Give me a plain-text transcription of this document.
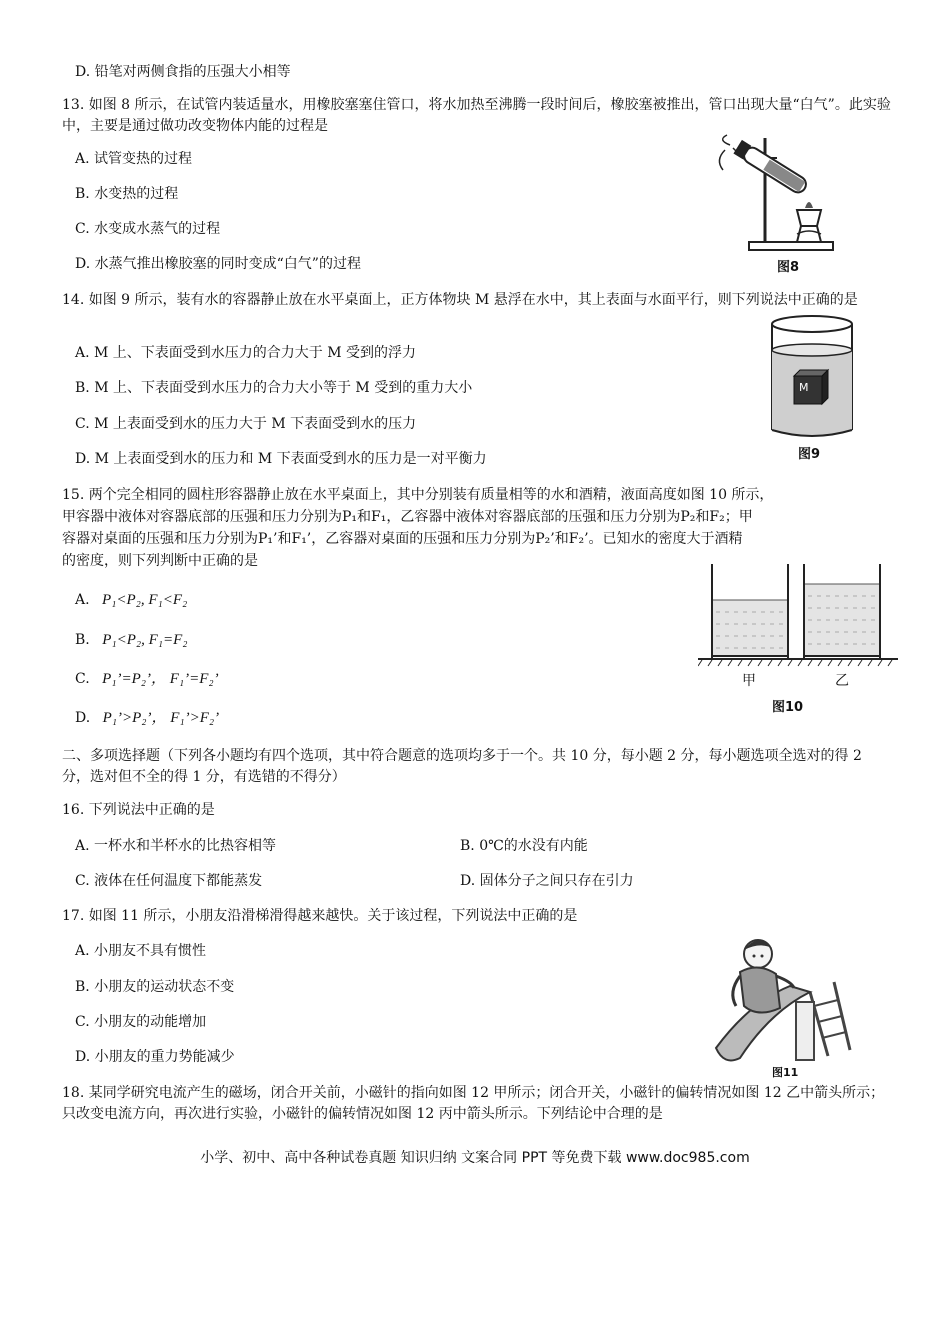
D. 铅笔对两侧食指的压强大小相等
13. 如图 8 所示，在试管内装适量水，用橡胶塞塞住管口，将水加热至沸腾一段时间后，橡胶塞被推出，管口出现大量“白气”。此实验中，主要是通过做功改变物体内能的过程是
A. 试管变热的过程
B. 水变热的过程
C. 水变成水蒸气的过程
D. 水蒸气推出橡胶塞的同时变成“白气”的过程	图8
14. 如图 9 所示，装有水的容器静止放在水平桌面上，正方体物块 M 悬浮在水中，其上表面与水面平行，则下列说法中正确的是
A. M 上、下表面受到水压力的合力大于 M 受到的浮力
B. M 上、下表面受到水压力的合力大小等于 M 受到的重力大小
C. M 上表面受到水的压力大于 M 下表面受到水的压力
D. M 上表面受到水的压力和 M 下表面受到水的压力是一对平衡力
M
图9
15. 两个完全相同的圆柱形容器静止放在水平桌面上，其中分别装有质量相等的水和酒精，液面高度如图 10 所示，
甲容器中液体对容器底部的压强和压力分别为P₁和F₁，乙容器中液体对容器底部的压强和压力分别为P₂和F₂；甲
容器对桌面的压强和压力分别为P₁’和F₁’，乙容器对桌面的压强和压力分别为P₂’和F₂’。已知水的密度大于酒精
的密度，则下列判断中正确的是
A. P₁<P₂, F₁<F₂
B. P₁<P₂, F₁=F₂
C. P₁’=P₂’， F₁’=F₂’
D. P₁’>P₂’， F₁’>F₂’
甲	乙
图10
二、多项选择题（下列各小题均有四个选项，其中符合题意的选项均多于一个。共 10 分，每小题 2 分，每小题选项全选对的得 2 分，选对但不全的得 1 分，有选错的不得分）
16. 下列说法中正确的是
A. 一杯水和半杯水的比热容相等	B. 0℃的水没有内能
C. 液体在任何温度下都能蒸发	D. 固体分子之间只存在引力
17. 如图 11 所示，小朋友沿滑梯滑得越来越快。关于该过程，下列说法中正确的是
A. 小朋友不具有惯性
B. 小朋友的运动状态不变
C. 小朋友的动能增加
D. 小朋友的重力势能减少
图11
18. 某同学研究电流产生的磁场，闭合开关前，小磁针的指向如图 12 甲所示；闭合开关，小磁针的偏转情况如图 12 乙中箭头所示；只改变电流方向，再次进行实验，小磁针的偏转情况如图 12 丙中箭头所示。下列结论中合理的是
小学、初中、高中各种试卷真题 知识归纳 文案合同 PPT 等免费下载 www.doc985.com
